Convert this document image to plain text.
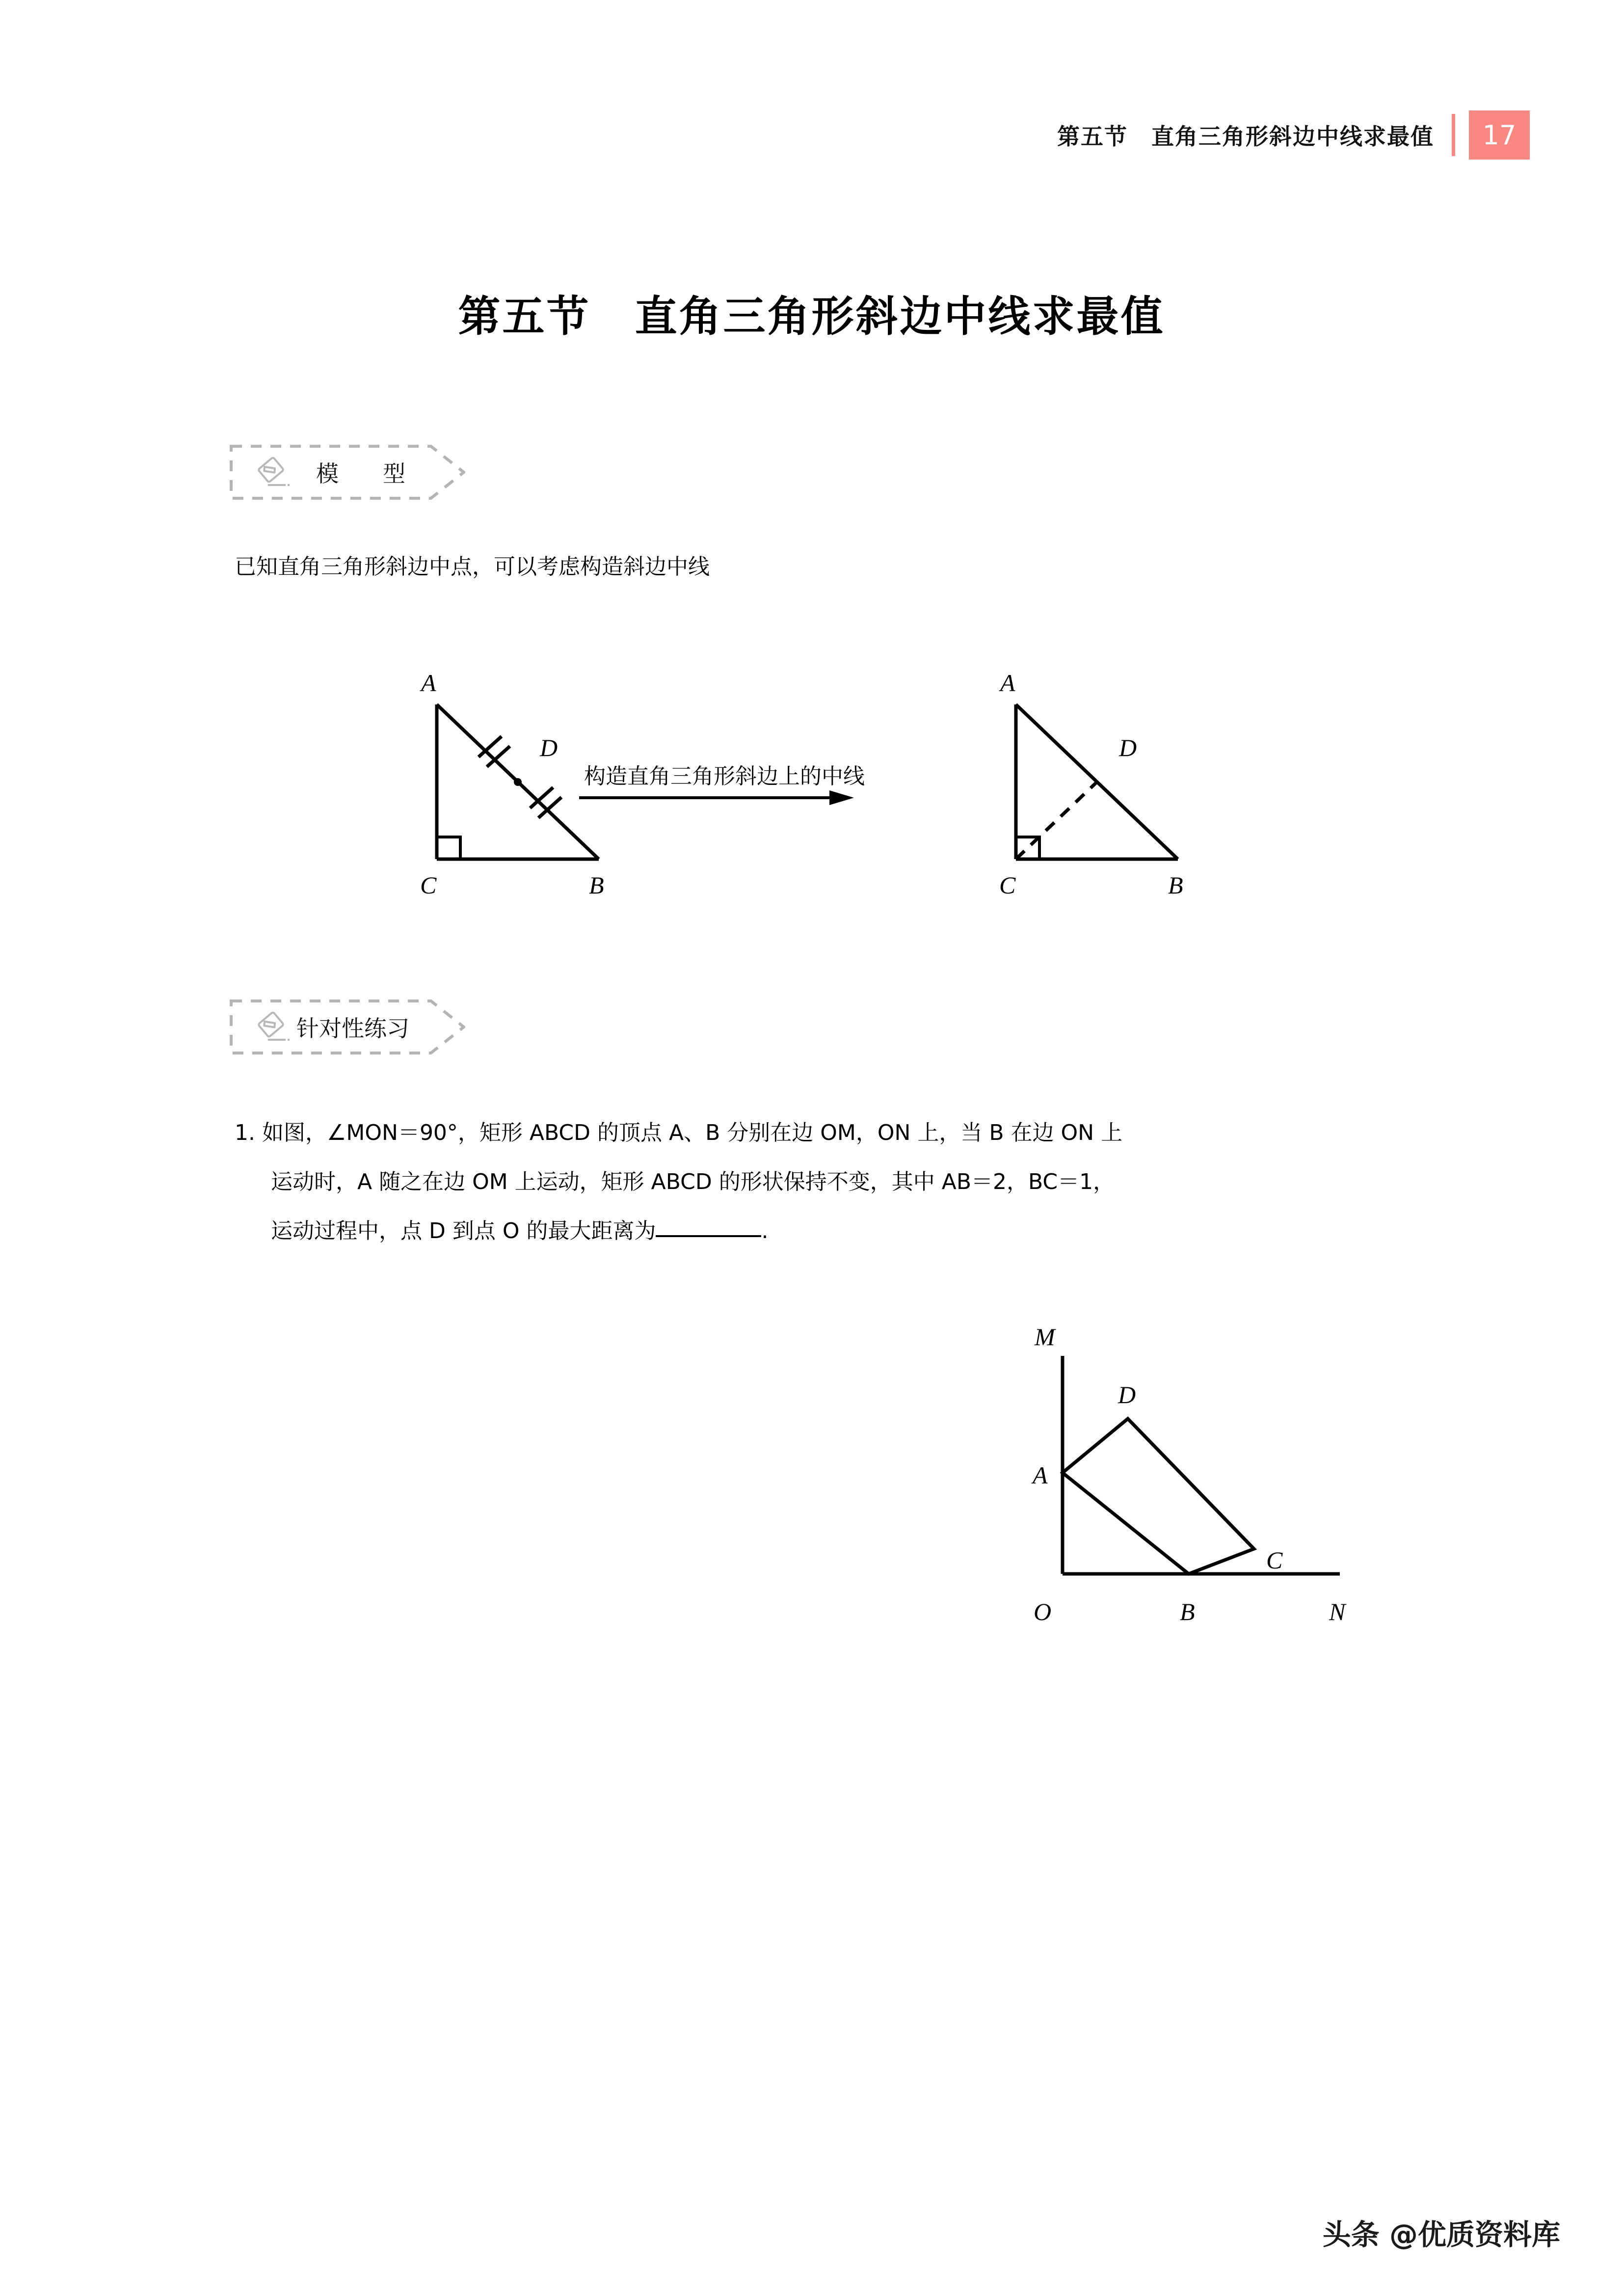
第五节　直角三角形斜边中线求最值	17
第五节　直角三角形斜边中线求最值
模　型
已知直角三角形斜边中点，可以考虑构造斜边中线
A
C	B
D
A
C	B
D
构造直角三角形斜边上的中线
针对性练习
1. 如图，∠MON＝90°，矩形 ABCD 的顶点 A、B 分别在边 OM，ON 上，当 B 在边 ON 上
运动时，A 随之在边 OM 上运动，矩形 ABCD 的形状保持不变，其中 AB＝2，BC＝1，
运动过程中，点 D 到点 O 的最大距离为	.
M
O	N
A
B
C
D
头条 @优质资料库
